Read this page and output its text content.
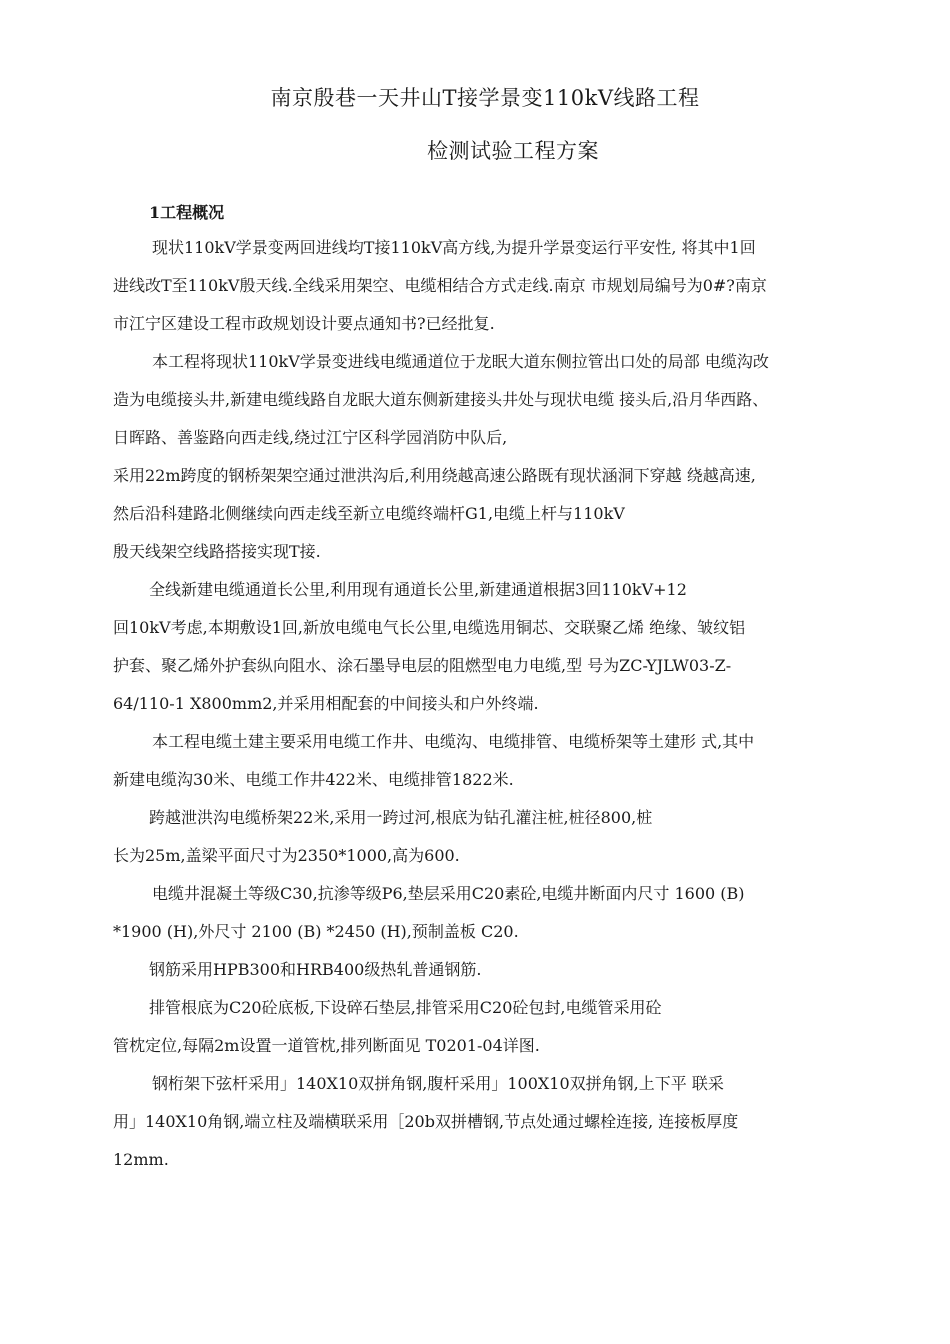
南京殷巷一天井山T接学景变110kV线路工程
检测试验工程方案
1工程概况
现状110kV学景变两回进线均T接110kV高方线,为提升学景变运行平安性, 将其中1回
进线改T至110kV殷天线.全线采用架空、电缆相结合方式走线.南京 市规划局编号为0#?南京
市江宁区建设工程市政规划设计要点通知书?已经批复.
本工程将现状110kV学景变进线电缆通道位于龙眠大道东侧拉管出口处的局部 电缆沟改
造为电缆接头井,新建电缆线路自龙眠大道东侧新建接头井处与现状电缆 接头后,沿月华西路、
日晖路、善鉴路向西走线,绕过江宁区科学园消防中队后,
采用22m跨度的钢桥架架空通过泄洪沟后,利用绕越高速公路既有现状涵洞下穿越 绕越高速,
然后沿科建路北侧继续向西走线至新立电缆终端杆G1,电缆上杆与110kV
殷天线架空线路搭接实现T接.
全线新建电缆通道长公里,利用现有通道长公里,新建通道根据3回110kV+12
回10kV考虑,本期敷设1回,新放电缆电气长公里,电缆选用铜芯、交联聚乙烯 绝缘、皱纹铝
护套、聚乙烯外护套纵向阻水、涂石墨导电层的阻燃型电力电缆,型 号为ZC-YJLW03-Z-
64/110-1 X800mm2,并采用相配套的中间接头和户外终端.
本工程电缆土建主要采用电缆工作井、电缆沟、电缆排管、电缆桥架等土建形 式,其中
新建电缆沟30米、电缆工作井422米、电缆排管1822米.
跨越泄洪沟电缆桥架22米,采用一跨过河,根底为钻孔灌注桩,桩径800,桩
长为25m,盖梁平面尺寸为2350*1000,高为600.
电缆井混凝土等级C30,抗渗等级P6,垫层采用C20素砼,电缆井断面内尺寸 1600 (B)
*1900 (H),外尺寸 2100 (B) *2450 (H),预制盖板 C20.
钢筋采用HPB300和HRB400级热轧普通钢筋.
排管根底为C20砼底板,下设碎石垫层,排管采用C20砼包封,电缆管采用砼
管枕定位,每隔2m设置一道管枕,排列断面见 T0201-04详图.
钢桁架下弦杆采用」140X10双拼角钢,腹杆采用」100X10双拼角钢,上下平 联采
用」140X10角钢,端立柱及端横联采用［20b双拼槽钢,节点处通过螺栓连接, 连接板厚度
12mm.
